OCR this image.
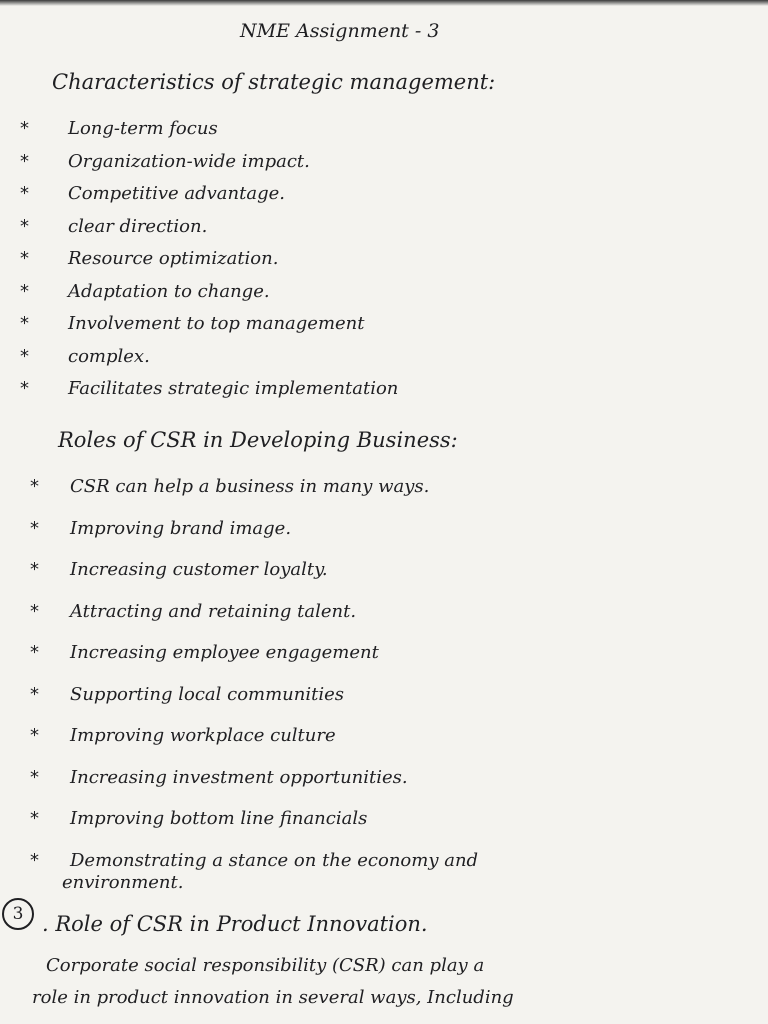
NME Assignment - 3
Characteristics of strategic management:
* Long-term focus
* Organization-wide impact.
* Competitive advantage.
* clear direction.
* Resource optimization.
* Adaptation to change.
* Involvement to top management
* complex.
* Facilitates strategic implementation
Roles of CSR in Developing Business:
* CSR can help a business in many ways.
* Improving brand image.
* Increasing customer loyalty.
* Attracting and retaining talent.
* Increasing employee engagement
* Supporting local communities
* Improving workplace culture
* Increasing investment opportunities.
* Improving bottom line financials
* Demonstrating a stance on the economy and
environment.
3 . Role of CSR in Product Innovation.
Corporate social responsibility (CSR) can play a
role in product innovation in several ways, Including
